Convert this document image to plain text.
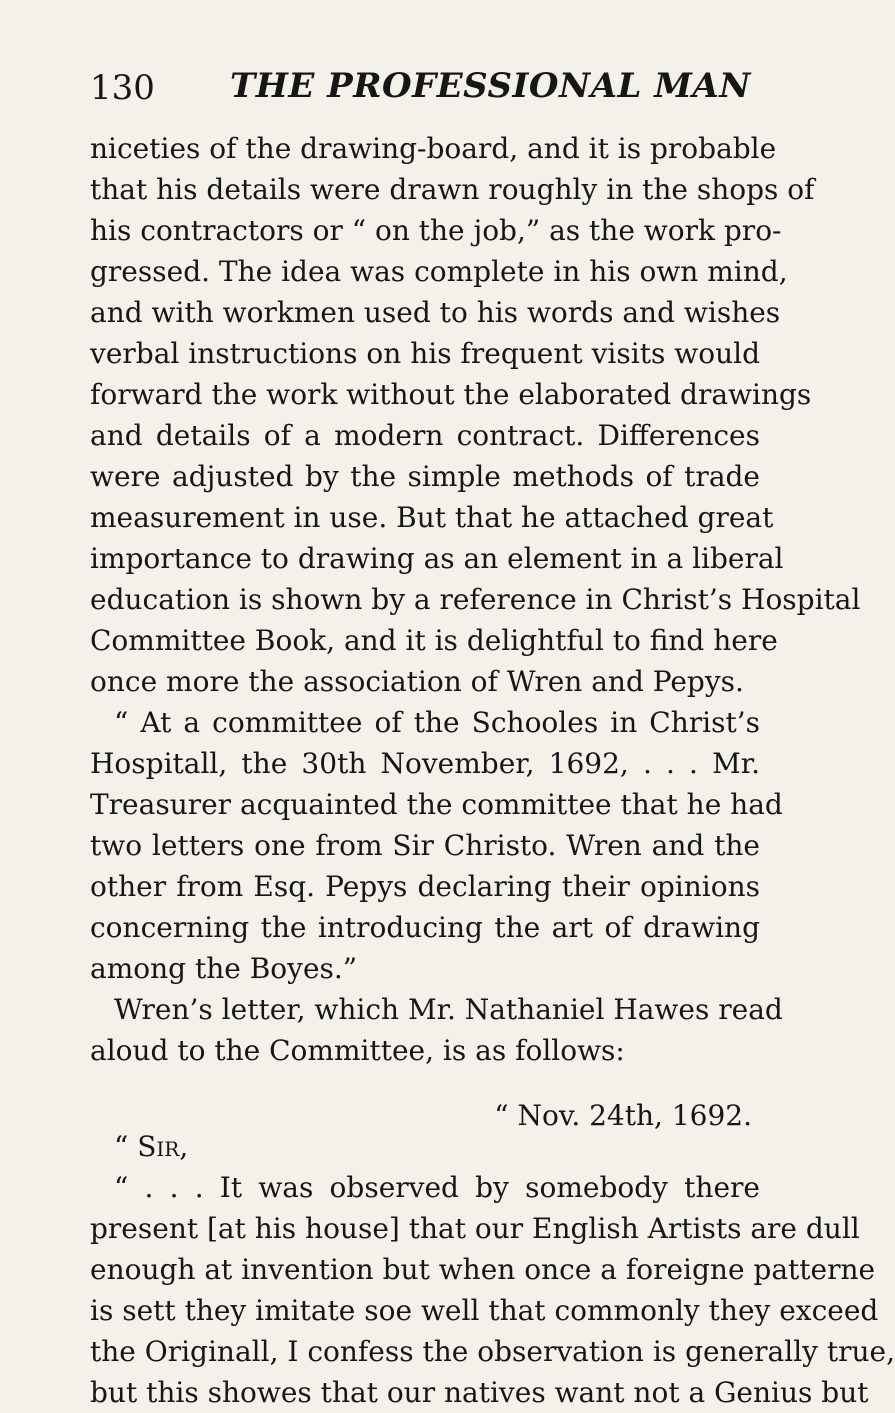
130 THE PROFESSIONAL MAN
niceties of the drawing-board, and it is probable
that his details were drawn roughly in the shops of
his contractors or “ on the job,” as the work pro-
gressed. The idea was complete in his own mind,
and with workmen used to his words and wishes
verbal instructions on his frequent visits would
forward the work without the elaborated drawings
and details of a modern contract. Differences
were adjusted by the simple methods of trade
measurement in use. But that he attached great
importance to drawing as an element in a liberal
education is shown by a reference in Christ’s Hospital
Committee Book, and it is delightful to find here
once more the association of Wren and Pepys.
“ At a committee of the Schooles in Christ’s
Hospitall, the 30th November, 1692, . . . Mr.
Treasurer acquainted the committee that he had
two letters one from Sir Christo. Wren and the
other from Esq. Pepys declaring their opinions
concerning the introducing the art of drawing
among the Boyes.”
Wren’s letter, which Mr. Nathaniel Hawes read
aloud to the Committee, is as follows:
“ Nov. 24th, 1692.
“ Sir,
“ . . . It was observed by somebody there
present [at his house] that our English Artists are dull
enough at invention but when once a foreigne patterne
is sett they imitate soe well that commonly they exceed
the Originall, I confess the observation is generally true,
but this showes that our natives want not a Genius but
